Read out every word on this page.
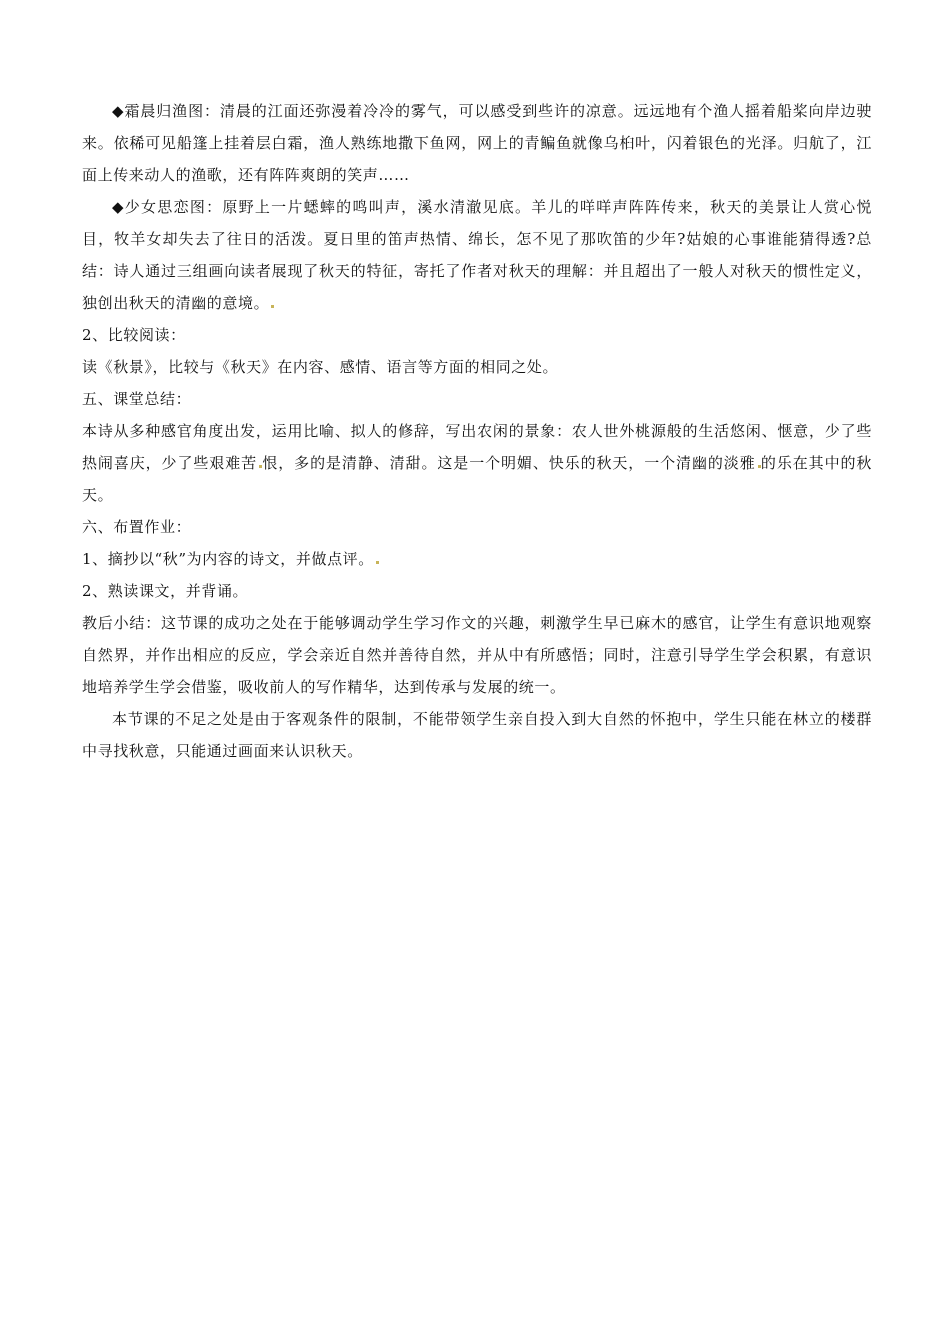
◆霜晨归渔图：清晨的江面还弥漫着冷冷的雾气，可以感受到些许的凉意。远远地有个渔人摇着船桨向岸边驶来。依稀可见船篷上挂着层白霜，渔人熟练地撒下鱼网，网上的青鳊鱼就像乌桕叶，闪着银色的光泽。归航了，江面上传来动人的渔歌，还有阵阵爽朗的笑声……

◆少女思恋图：原野上一片蟋蟀的鸣叫声，溪水清澈见底。羊儿的咩咩声阵阵传来，秋天的美景让人赏心悦目，牧羊女却失去了往日的活泼。夏日里的笛声热情、绵长，怎不见了那吹笛的少年?姑娘的心事谁能猜得透?总结：诗人通过三组画向读者展现了秋天的特征，寄托了作者对秋天的理解：并且超出了一般人对秋天的惯性定义，独创出秋天的清幽的意境。

2、比较阅读：

读《秋景》，比较与《秋天》在内容、感情、语言等方面的相同之处。

五、课堂总结：

本诗从多种感官角度出发，运用比喻、拟人的修辞，写出农闲的景象：农人世外桃源般的生活悠闲、惬意，少了些热闹喜庆，少了些艰难苦 恨，多的是清静、清甜。这是一个明媚、快乐的秋天，一个清幽的淡雅 的乐在其中的秋天。

六、布置作业：

1、摘抄以“秋”为内容的诗文，并做点评。

2、熟读课文，并背诵。

教后小结：这节课的成功之处在于能够调动学生学习作文的兴趣，刺激学生早已麻木的感官，让学生有意识地观察自然界，并作出相应的反应，学会亲近自然并善待自然，并从中有所感悟；同时，注意引导学生学会积累，有意识地培养学生学会借鉴，吸收前人的写作精华，达到传承与发展的统一。

本节课的不足之处是由于客观条件的限制，不能带领学生亲自投入到大自然的怀抱中，学生只能在林立的楼群中寻找秋意，只能通过画面来认识秋天。
